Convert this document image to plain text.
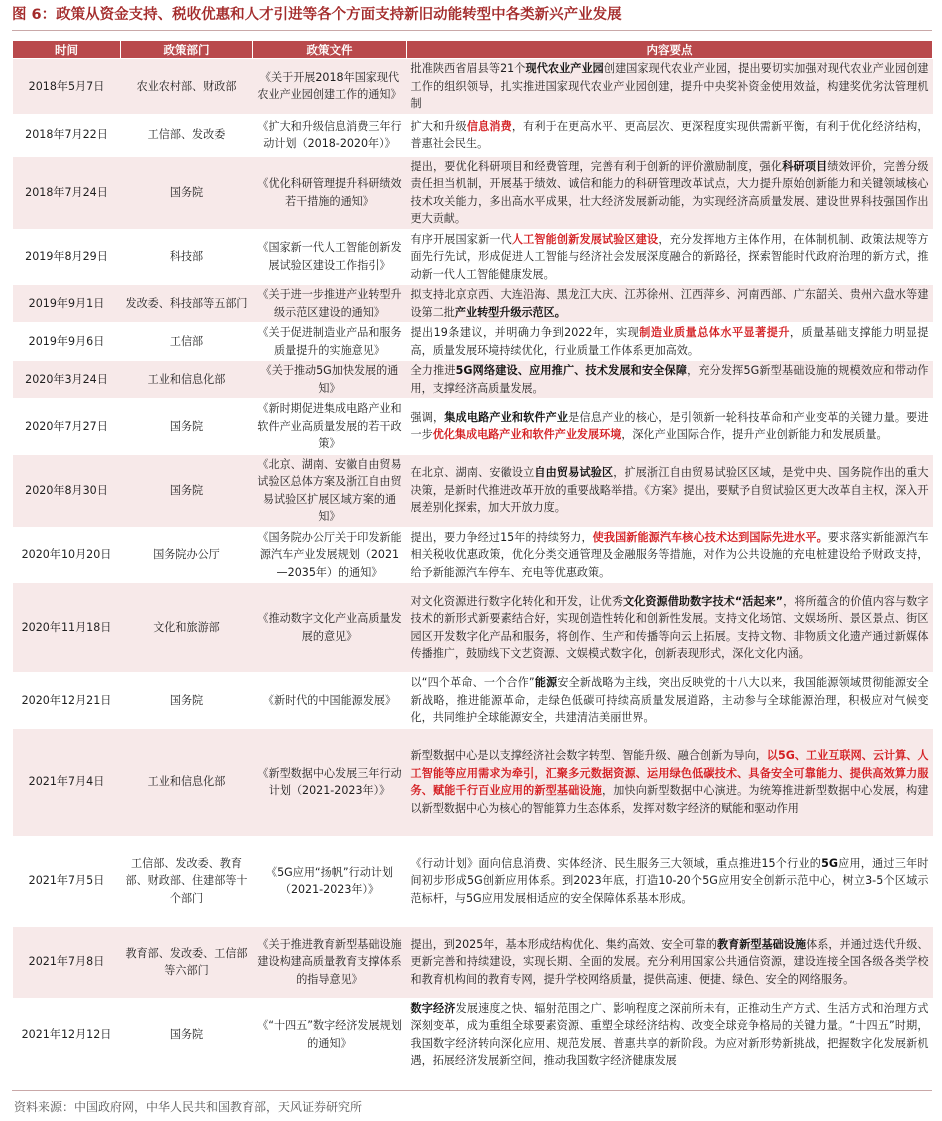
图 6：政策从资金支持、税收优惠和人才引进等各个方面支持新旧动能转型中各类新兴产业发展
时间	政策部门	政策文件	内容要点
2018年5月7日	农业农村部、财政部	《关于开展2018年国家现代农业产业园创建工作的通知》	批准陕西省眉县等21个现代农业产业园创建国家现代农业产业园，提出要切实加强对现代农业产业园创建工作的组织领导，扎实推进国家现代农业产业园创建，提升中央奖补资金使用效益，构建奖优劣汰管理机制
2018年7月22日	工信部、发改委	《扩大和升级信息消费三年行动计划（2018-2020年）》	扩大和升级信息消费，有利于在更高水平、更高层次、更深程度实现供需新平衡，有利于优化经济结构，普惠社会民生。
2018年7月24日	国务院	《优化科研管理提升科研绩效若干措施的通知》	提出，要优化科研项目和经费管理，完善有利于创新的评价激励制度，强化科研项目绩效评价，完善分级责任担当机制，开展基于绩效、诚信和能力的科研管理改革试点，大力提升原始创新能力和关键领域核心技术攻关能力，多出高水平成果，壮大经济发展新动能，为实现经济高质量发展、建设世界科技强国作出更大贡献。
2019年8月29日	科技部	《国家新一代人工智能创新发展试验区建设工作指引》	有序开展国家新一代人工智能创新发展试验区建设，充分发挥地方主体作用，在体制机制、政策法规等方面先行先试，形成促进人工智能与经济社会发展深度融合的新路径，探索智能时代政府治理的新方式，推动新一代人工智能健康发展。
2019年9月1日	发改委、科技部等五部门	《关于进一步推进产业转型升级示范区建设的通知》	拟支持北京京西、大连沿海、黑龙江大庆、江苏徐州、江西萍乡、河南西部、广东韶关、贵州六盘水等建设第二批产业转型升级示范区。
2019年9月6日	工信部	《关于促进制造业产品和服务质量提升的实施意见》	提出19条建议，并明确力争到2022年，实现制造业质量总体水平显著提升，质量基础支撑能力明显提高，质量发展环境持续优化，行业质量工作体系更加高效。
2020年3月24日	工业和信息化部	《关于推动5G加快发展的通知》	全力推进5G网络建设、应用推广、技术发展和安全保障，充分发挥5G新型基础设施的规模效应和带动作用，支撑经济高质量发展。
2020年7月27日	国务院	《新时期促进集成电路产业和软件产业高质量发展的若干政策》	强调，集成电路产业和软件产业是信息产业的核心，是引领新一轮科技革命和产业变革的关键力量。要进一步优化集成电路产业和软件产业发展环境，深化产业国际合作，提升产业创新能力和发展质量。
2020年8月30日	国务院	《北京、湖南、安徽自由贸易试验区总体方案及浙江自由贸易试验区扩展区域方案的通知》	在北京、湖南、安徽设立自由贸易试验区，扩展浙江自由贸易试验区区域，是党中央、国务院作出的重大决策，是新时代推进改革开放的重要战略举措。《方案》提出，要赋予自贸试验区更大改革自主权，深入开展差别化探索，加大开放力度。
2020年10月20日	国务院办公厅	《国务院办公厅关于印发新能源汽车产业发展规划（2021—2035年）的通知》	提出，要力争经过15年的持续努力，使我国新能源汽车核心技术达到国际先进水平。要求落实新能源汽车相关税收优惠政策，优化分类交通管理及金融服务等措施，对作为公共设施的充电桩建设给予财政支持，给予新能源汽车停车、充电等优惠政策。
2020年11月18日	文化和旅游部	《推动数字文化产业高质量发展的意见》	对文化资源进行数字化转化和开发，让优秀文化资源借助数字技术“活起来”，将所蕴含的价值内容与数字技术的新形式新要素结合好，实现创造性转化和创新性发展。支持文化场馆、文娱场所、景区景点、街区园区开发数字化产品和服务，将创作、生产和传播等向云上拓展。支持文物、非物质文化遗产通过新媒体传播推广，鼓励线下文艺资源、文娱模式数字化，创新表现形式，深化文化内涵。
2020年12月21日	国务院	《新时代的中国能源发展》	以“四个革命、一个合作”能源安全新战略为主线，突出反映党的十八大以来，我国能源领域贯彻能源安全新战略，推进能源革命，走绿色低碳可持续高质量发展道路，主动参与全球能源治理，积极应对气候变化，共同维护全球能源安全，共建清洁美丽世界。
2021年7月4日	工业和信息化部	《新型数据中心发展三年行动计划（2021-2023年）》	新型数据中心是以支撑经济社会数字转型、智能升级、融合创新为导向，以5G、工业互联网、云计算、人工智能等应用需求为牵引，汇聚多元数据资源、运用绿色低碳技术、具备安全可靠能力、提供高效算力服务、赋能千行百业应用的新型基础设施，加快向新型数据中心演进。为统筹推进新型数据中心发展，构建以新型数据中心为核心的智能算力生态体系，发挥对数字经济的赋能和驱动作用
2021年7月5日	工信部、发改委、教育部、财政部、住建部等十个部门	《5G应用“扬帆”行动计划（2021-2023年）》	《行动计划》面向信息消费、实体经济、民生服务三大领域，重点推进15个行业的5G应用，通过三年时间初步形成5G创新应用体系。到2023年底，打造10-20个5G应用安全创新示范中心，树立3-5个区域示范标杆，与5G应用发展相适应的安全保障体系基本形成。
2021年7月8日	教育部、发改委、工信部等六部门	《关于推进教育新型基础设施建设构建高质量教育支撑体系的指导意见》	提出，到2025年，基本形成结构优化、集约高效、安全可靠的教育新型基础设施体系，并通过迭代升级、更新完善和持续建设，实现长期、全面的发展。充分利用国家公共通信资源，建设连接全国各级各类学校和教育机构间的教育专网，提升学校网络质量，提供高速、便捷、绿色、安全的网络服务。
2021年12月12日	国务院	《“十四五”数字经济发展规划的通知》	数字经济发展速度之快、辐射范围之广、影响程度之深前所未有，正推动生产方式、生活方式和治理方式深刻变革，成为重组全球要素资源、重塑全球经济结构、改变全球竞争格局的关键力量。“十四五”时期，我国数字经济转向深化应用、规范发展、普惠共享的新阶段。为应对新形势新挑战，把握数字化发展新机遇，拓展经济发展新空间，推动我国数字经济健康发展
资料来源：中国政府网，中华人民共和国教育部，天风证券研究所
